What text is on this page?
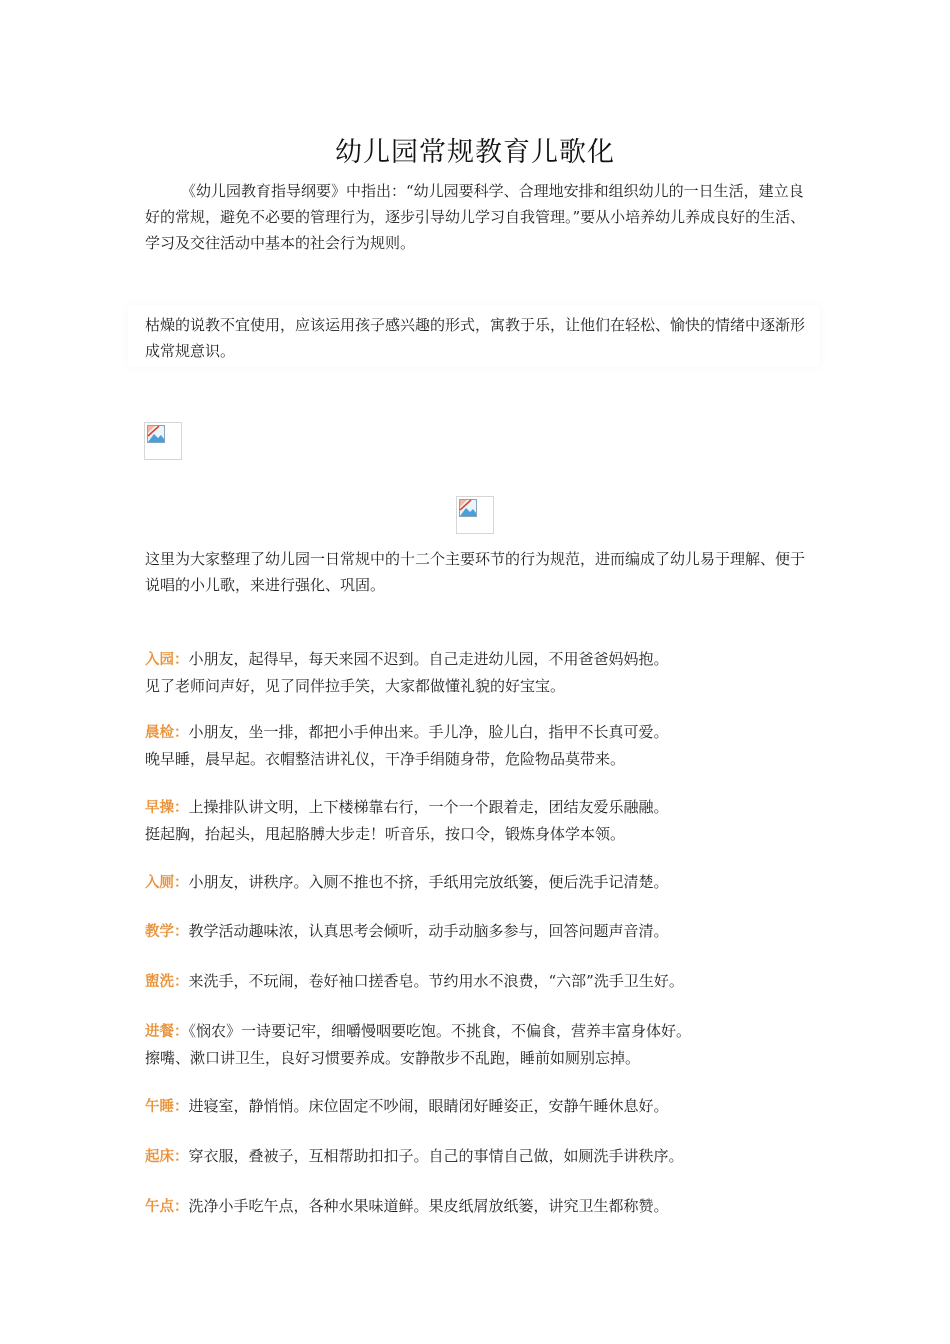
幼儿园常规教育儿歌化
《幼儿园教育指导纲要》中指出：“幼儿园要科学、合理地安排和组织幼儿的一日生活，建立良好的常规，避免不必要的管理行为，逐步引导幼儿学习自我管理。”要从小培养幼儿养成良好的生活、学习及交往活动中基本的社会行为规则。
枯燥的说教不宜使用，应该运用孩子感兴趣的形式，寓教于乐，让他们在轻松、愉快的情绪中逐渐形成常规意识。
这里为大家整理了幼儿园一日常规中的十二个主要环节的行为规范，进而编成了幼儿易于理解、便于说唱的小儿歌，来进行强化、巩固。
入园：小朋友，起得早，每天来园不迟到。自己走进幼儿园，不用爸爸妈妈抱。
见了老师问声好，见了同伴拉手笑，大家都做懂礼貌的好宝宝。
晨检：小朋友，坐一排，都把小手伸出来。手儿净，脸儿白，指甲不长真可爱。
晚早睡，晨早起。衣帽整洁讲礼仪，干净手绢随身带，危险物品莫带来。
早操：上操排队讲文明，上下楼梯靠右行，一个一个跟着走，团结友爱乐融融。
挺起胸，抬起头，甩起胳膊大步走！听音乐，按口令，锻炼身体学本领。
入厕：小朋友，讲秩序。入厕不推也不挤，手纸用完放纸篓，便后洗手记清楚。
教学：教学活动趣味浓，认真思考会倾听，动手动脑多参与，回答问题声音清。
盥洗：来洗手，不玩闹，卷好袖口搓香皂。节约用水不浪费，“六部”洗手卫生好。
进餐：《悯农》一诗要记牢，细嚼慢咽要吃饱。不挑食，不偏食，营养丰富身体好。
擦嘴、漱口讲卫生，良好习惯要养成。安静散步不乱跑，睡前如厕别忘掉。
午睡：进寝室，静悄悄。床位固定不吵闹，眼睛闭好睡姿正，安静午睡休息好。
起床：穿衣服，叠被子，互相帮助扣扣子。自己的事情自己做，如厕洗手讲秩序。
午点：洗净小手吃午点，各种水果味道鲜。果皮纸屑放纸篓，讲究卫生都称赞。
